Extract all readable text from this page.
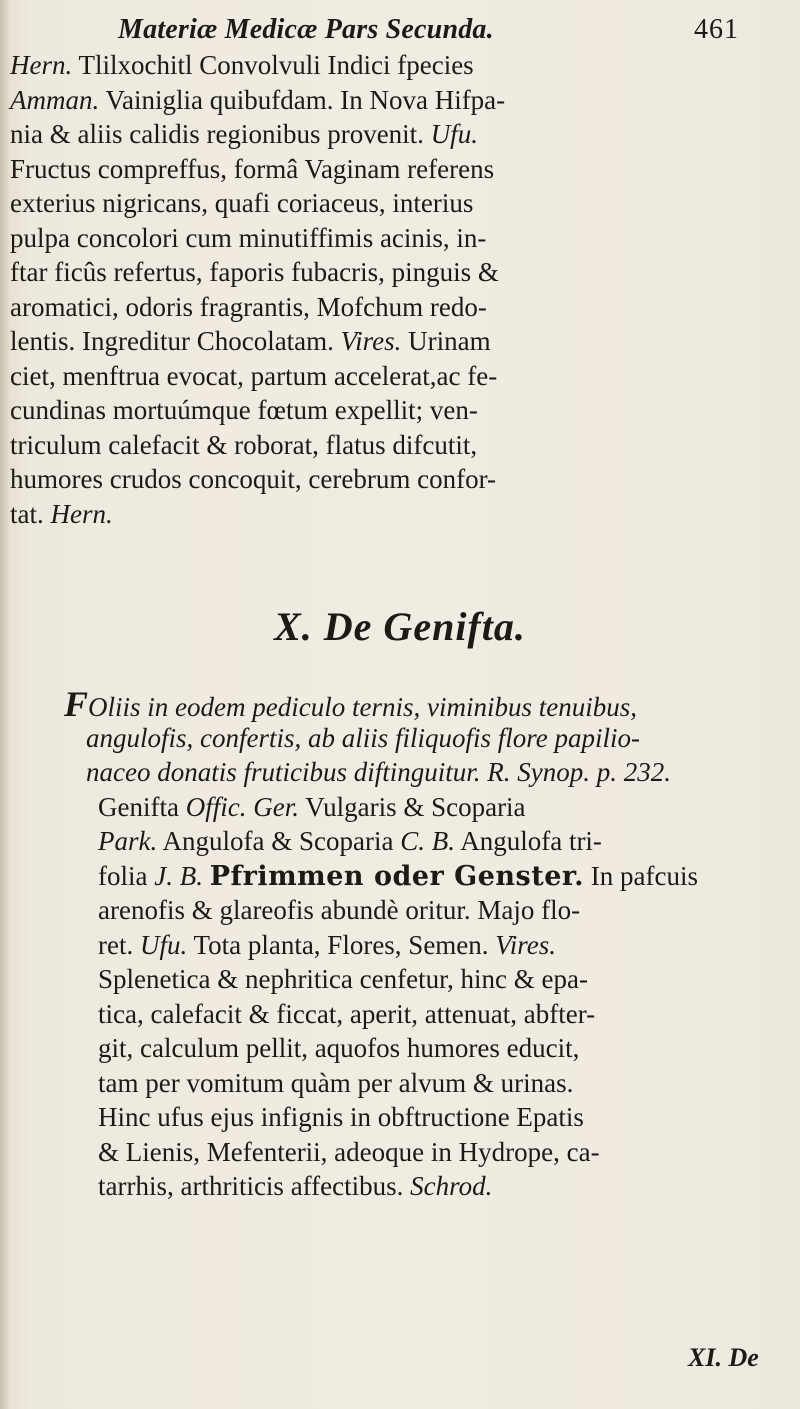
Materiæ Medicæ Pars Secunda.	461
Hern. Tlilxochitl Convolvuli Indici fpecies
Amman. Vainiglia quibufdam. In Nova Hifpa-
nia & aliis calidis regionibus provenit. Ufu.
Fructus compreffus, formâ Vaginam referens
exterius nigricans, quafi coriaceus, interius
pulpa concolori cum minutiffimis acinis, in-
ftar ficûs refertus, faporis fubacris, pinguis &
aromatici, odoris fragrantis, Mofchum redo-
lentis. Ingreditur Chocolatam. Vires. Urinam
ciet, menftrua evocat, partum accelerat,ac fe-
cundinas mortuúmque fœtum expellit; ven-
triculum calefacit & roborat, flatus difcutit,
humores crudos concoquit, cerebrum confor-
tat. Hern.
X. De Genifta.
FOliis in eodem pediculo ternis, viminibus tenuibus,
angulofis, confertis, ab aliis filiquofis flore papilio-
naceo donatis fruticibus diftinguitur. R. Synop. p. 232.
Genifta Offic. Ger. Vulgaris & Scoparia
Park. Angulofa & Scoparia C. B. Angulofa tri-
folia J. B. Pfrimmen oder Genster. In pafcuis
arenofis & glareofis abundè oritur. Majo flo-
ret. Ufu. Tota planta, Flores, Semen. Vires.
Splenetica & nephritica cenfetur, hinc & epa-
tica, calefacit & ficcat, aperit, attenuat, abfter-
git, calculum pellit, aquofos humores educit,
tam per vomitum quàm per alvum & urinas.
Hinc ufus ejus infignis in obftructione Epatis
& Lienis, Mefenterii, adeoque in Hydrope, ca-
tarrhis, arthriticis affectibus. Schrod.
XI. De
